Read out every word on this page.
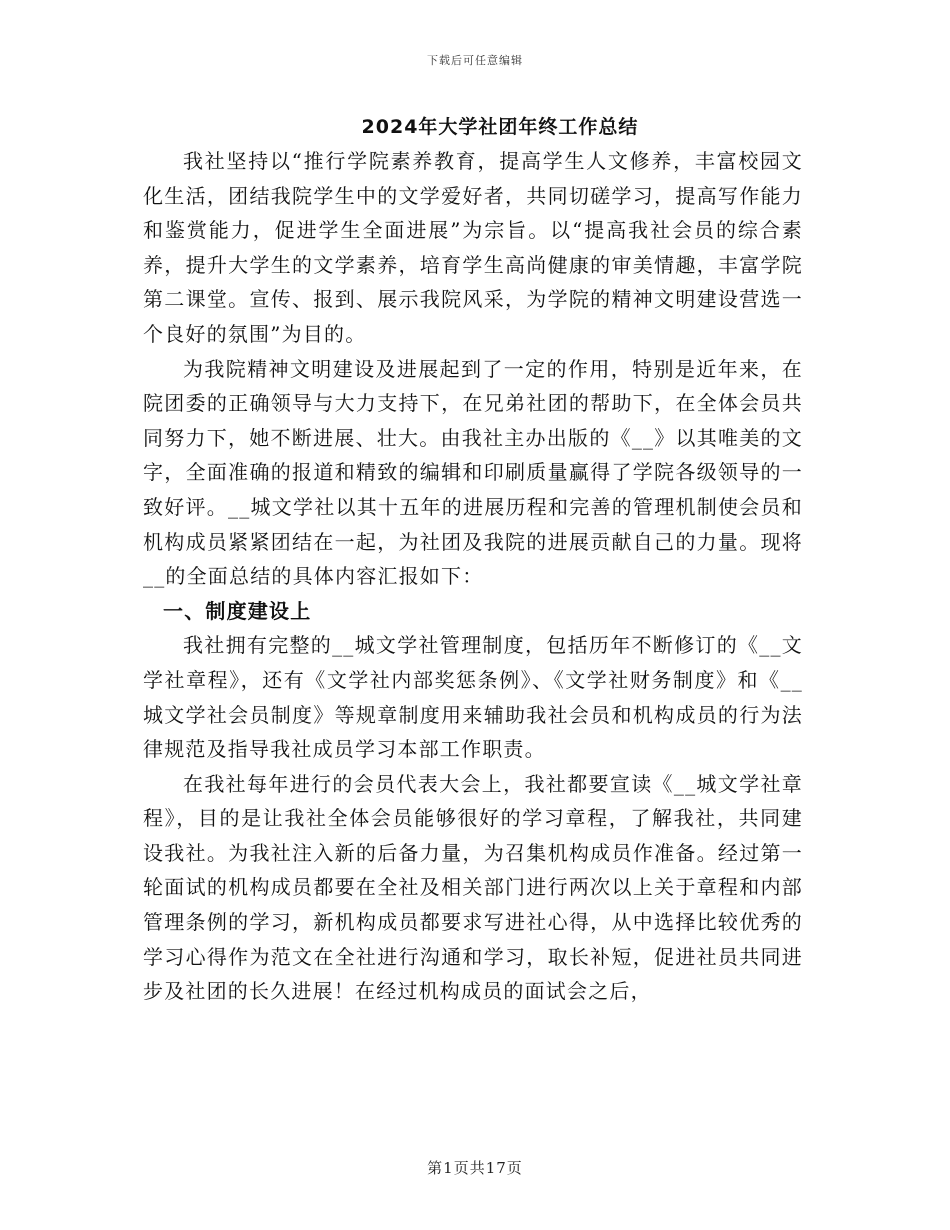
下载后可任意编辑
2024年大学社团年终工作总结

我社坚持以“推行学院素养教育，提高学生人文修养，丰富校园文化生活，团结我院学生中的文学爱好者，共同切磋学习，提高写作能力和鉴赏能力，促进学生全面进展”为宗旨。以“提高我社会员的综合素养，提升大学生的文学素养，培育学生高尚健康的审美情趣，丰富学院第二课堂。宣传、报到、展示我院风采，为学院的精神文明建设营选一个良好的氛围”为目的。

为我院精神文明建设及进展起到了一定的作用，特别是近年来，在院团委的正确领导与大力支持下，在兄弟社团的帮助下，在全体会员共同努力下，她不断进展、壮大。由我社主办出版的《__》以其唯美的文字，全面准确的报道和精致的编辑和印刷质量赢得了学院各级领导的一致好评。__城文学社以其十五年的进展历程和完善的管理机制使会员和机构成员紧紧团结在一起，为社团及我院的进展贡献自己的力量。现将__的全面总结的具体内容汇报如下：

一、制度建设上

我社拥有完整的__城文学社管理制度，包括历年不断修订的《__文学社章程》，还有《文学社内部奖惩条例》、《文学社财务制度》和《__城文学社会员制度》等规章制度用来辅助我社会员和机构成员的行为法律规范及指导我社成员学习本部工作职责。

在我社每年进行的会员代表大会上，我社都要宣读《__城文学社章程》，目的是让我社全体会员能够很好的学习章程，了解我社，共同建设我社。为我社注入新的后备力量，为召集机构成员作准备。经过第一轮面试的机构成员都要在全社及相关部门进行两次以上关于章程和内部管理条例的学习，新机构成员都要求写进社心得，从中选择比较优秀的学习心得作为范文在全社进行沟通和学习，取长补短，促进社员共同进步及社团的长久进展！在经过机构成员的面试会之后，

第1页共17页
